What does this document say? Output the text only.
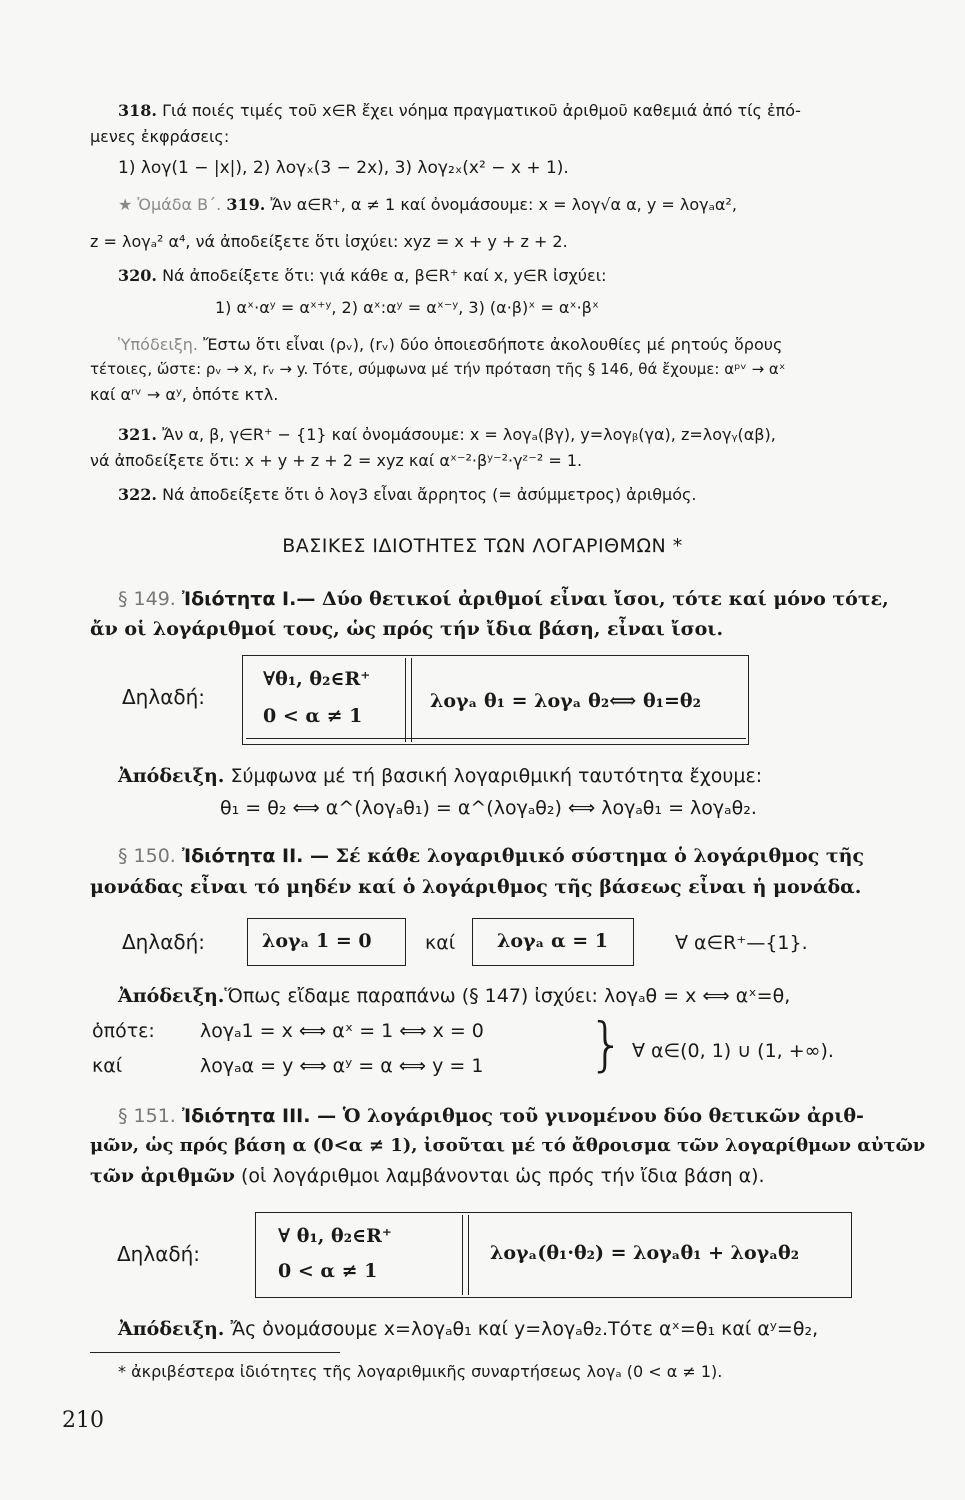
318. Γιά ποιές τιμές τοῦ x∈R ἔχει νόημα πραγματικοῦ ἀριθμοῦ καθεμιά ἀπό τίς ἐπό-
μενες ἐκφράσεις:
1) λογ(1 − |x|), 2) λογₓ(3 − 2x), 3) λογ₂ₓ(x² − x + 1).
★ Ὁμάδα Β΄. 319. Ἄν α∈R⁺, α ≠ 1 καί ὀνομάσουμε: x = λογ√α α, y = λογₐα²,
z = λογₐ² α⁴, νά ἀποδείξετε ὅτι ἰσχύει: xyz = x + y + z + 2.
320. Νά ἀποδείξετε ὅτι: γιά κάθε α, β∈R⁺ καί x, y∈R ἰσχύει:
1) αˣ·αʸ = αˣ⁺ʸ, 2) αˣ:αʸ = αˣ⁻ʸ, 3) (α·β)ˣ = αˣ·βˣ
Ὑπόδειξη. Ἔστω ὅτι εἶναι (ρᵥ), (rᵥ) δύο ὁποιεσδήποτε ἀκολουθίες μέ ρητούς ὅρους
τέτοιες, ὥστε: ρᵥ → x, rᵥ → y. Τότε, σύμφωνα μέ τήν πρόταση τῆς § 146, θά ἔχουμε: αᵖᵛ → αˣ
καί αʳᵛ → αʸ, ὁπότε κτλ.
321. Ἄν α, β, γ∈R⁺ − {1} καί ὀνομάσουμε: x = λογₐ(βγ), y=λογᵦ(γα), z=λογᵧ(αβ),
νά ἀποδείξετε ὅτι: x + y + z + 2 = xyz καί αˣ⁻²·βʸ⁻²·γᶻ⁻² = 1.
322. Νά ἀποδείξετε ὅτι ὁ λογ3 εἶναι ἄρρητος (= ἀσύμμετρος) ἀριθμός.
ΒΑΣΙΚΕΣ ΙΔΙΟΤΗΤΕΣ ΤΩΝ ΛΟΓΑΡΙΘΜΩΝ *
§ 149. Ἰδιότητα Ι.— Δύο θετικοί ἀριθμοί εἶναι ἴσοι, τότε καί μόνο τότε,
ἄν οἱ λογάριθμοί τους, ὡς πρός τήν ἴδια βάση, εἶναι ἴσοι.
Δηλαδή:
∀θ₁, θ₂∈R⁺
0 < α ≠ 1
λογₐ θ₁ = λογₐ θ₂⟺ θ₁=θ₂
Ἀπόδειξη. Σύμφωνα μέ τή βασική λογαριθμική ταυτότητα ἔχουμε:
θ₁ = θ₂ ⟺ α^(λογₐθ₁) = α^(λογₐθ₂) ⟺ λογₐθ₁ = λογₐθ₂.
§ 150. Ἰδιότητα ΙΙ. — Σέ κάθε λογαριθμικό σύστημα ὁ λογάριθμος τῆς
μονάδας εἶναι τό μηδέν καί ὁ λογάριθμος τῆς βάσεως εἶναι ἡ μονάδα.
Δηλαδή:	λογₐ 1 = 0	καί λογₐ α = 1	∀ α∈R⁺—{1}.
Ἀπόδειξη.Ὅπως εἴδαμε παραπάνω (§ 147) ἰσχύει: λογₐθ = x ⟺ αˣ=θ,
ὁπότε: λογₐ1 = x ⟺ αˣ = 1 ⟺ x = 0
καί	λογₐα = y ⟺ αʸ = α ⟺ y = 1 } ∀ α∈(0, 1) ∪ (1, +∞).
§ 151. Ἰδιότητα ΙΙΙ. — Ὁ λογάριθμος τοῦ γινομένου δύο θετικῶν ἀριθ-
μῶν, ὡς πρός βάση α (0<α ≠ 1), ἰσοῦται μέ τό ἄθροισμα τῶν λογαρίθμων αὐτῶν
τῶν ἀριθμῶν (οἱ λογάριθμοι λαμβάνονται ὡς πρός τήν ἴδια βάση α).
Δηλαδή:
∀ θ₁, θ₂∈R⁺
0 < α ≠ 1
λογₐ(θ₁·θ₂) = λογₐθ₁ + λογₐθ₂
Ἀπόδειξη. Ἄς ὀνομάσουμε x=λογₐθ₁ καί y=λογₐθ₂.Τότε αˣ=θ₁ καί αʸ=θ₂,
* ἀκριβέστερα ἰδιότητες τῆς λογαριθμικῆς συναρτήσεως λογₐ (0 < α ≠ 1).
210
